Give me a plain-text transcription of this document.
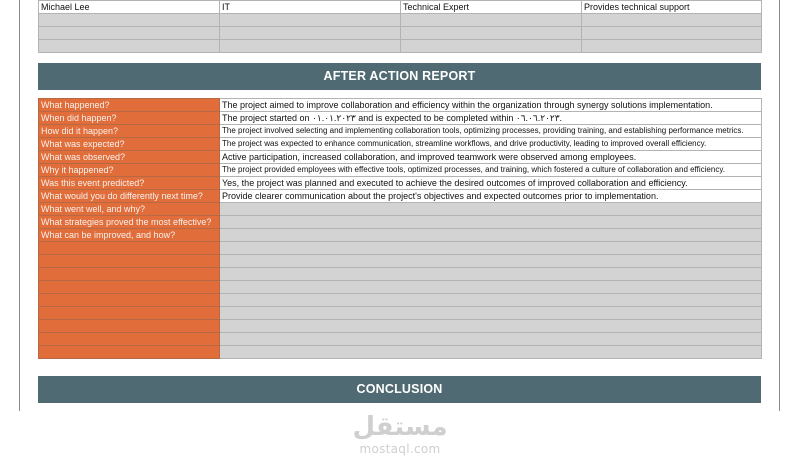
Michael Lee	IT	Technical Expert	Provides technical support

AFTER ACTION REPORT
What happened?	The project aimed to improve collaboration and efficiency within the organization through synergy solutions implementation.
When did happen?	The project started on ٠١.٠١.٢٠٢٣ and is expected to be completed within ٠٦.٠٦.٢٠٢٣.
How did it happen?	The project involved selecting and implementing collaboration tools, optimizing processes, providing training, and establishing performance metrics.
What was expected?	The project was expected to enhance communication, streamline workflows, and drive productivity, leading to improved overall efficiency.
What was observed?	Active participation, increased collaboration, and improved teamwork were observed among employees.
Why it happened?	The project provided employees with effective tools, optimized processes, and training, which fostered a culture of collaboration and efficiency.
Was this event predicted?	Yes, the project was planned and executed to achieve the desired outcomes of improved collaboration and efficiency.
What would you do differently next time?	Provide clearer communication about the project's objectives and expected outcomes prior to implementation.
What went well, and why?	
What strategies proved the most effective?	
What can be improved, and how?	

CONCLUSION
مستقل
mostaql.com
